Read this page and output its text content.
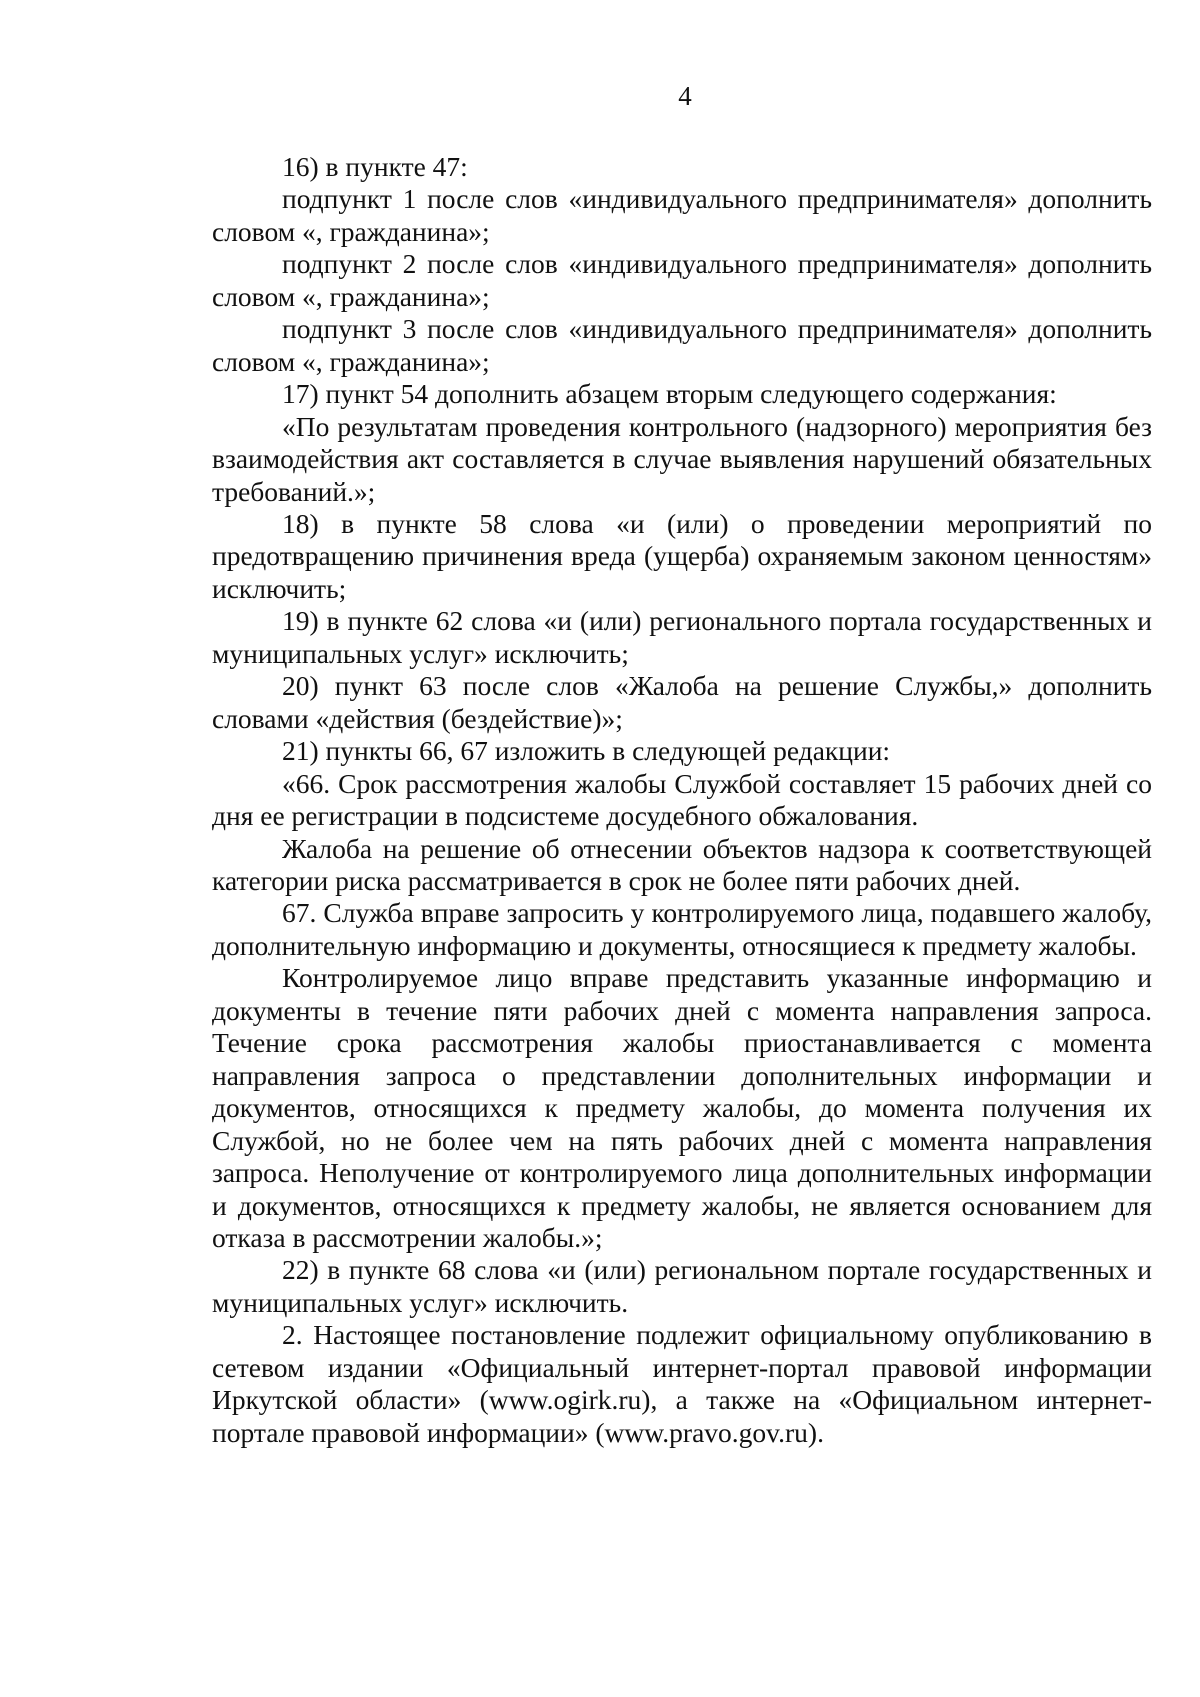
4

16) в пункте 47:

подпункт 1 после слов «индивидуального предпринимателя» дополнить словом «, гражданина»;

подпункт 2 после слов «индивидуального предпринимателя» дополнить словом «, гражданина»;

подпункт 3 после слов «индивидуального предпринимателя» дополнить словом «, гражданина»;

17) пункт 54 дополнить абзацем вторым следующего содержания:

«По результатам проведения контрольного (надзорного) мероприятия без взаимодействия акт составляется в случае выявления нарушений обязательных требований.»;

18) в пункте 58 слова «и (или) о проведении мероприятий по предотвращению причинения вреда (ущерба) охраняемым законом ценностям» исключить;

19) в пункте 62 слова «и (или) регионального портала государственных и муниципальных услуг» исключить;

20) пункт 63 после слов «Жалоба на решение Службы,» дополнить словами «действия (бездействие)»;

21) пункты 66, 67 изложить в следующей редакции:

«66. Срок рассмотрения жалобы Службой составляет 15 рабочих дней со дня ее регистрации в подсистеме досудебного обжалования.

Жалоба на решение об отнесении объектов надзора к соответствующей категории риска рассматривается в срок не более пяти рабочих дней.

67. Служба вправе запросить у контролируемого лица, подавшего жалобу, дополнительную информацию и документы, относящиеся к предмету жалобы.

Контролируемое лицо вправе представить указанные информацию и документы в течение пяти рабочих дней с момента направления запроса. Течение срока рассмотрения жалобы приостанавливается с момента направления запроса о представлении дополнительных информации и документов, относящихся к предмету жалобы, до момента получения их Службой, но не более чем на пять рабочих дней с момента направления запроса. Неполучение от контролируемого лица дополнительных информации и документов, относящихся к предмету жалобы, не является основанием для отказа в рассмотрении жалобы.»;

22) в пункте 68 слова «и (или) региональном портале государственных и муниципальных услуг» исключить.

2. Настоящее постановление подлежит официальному опубликованию в сетевом издании «Официальный интернет-портал правовой информации Иркутской области» (www.ogirk.ru), а также на «Официальном интернет-портале правовой информации» (www.pravo.gov.ru).
